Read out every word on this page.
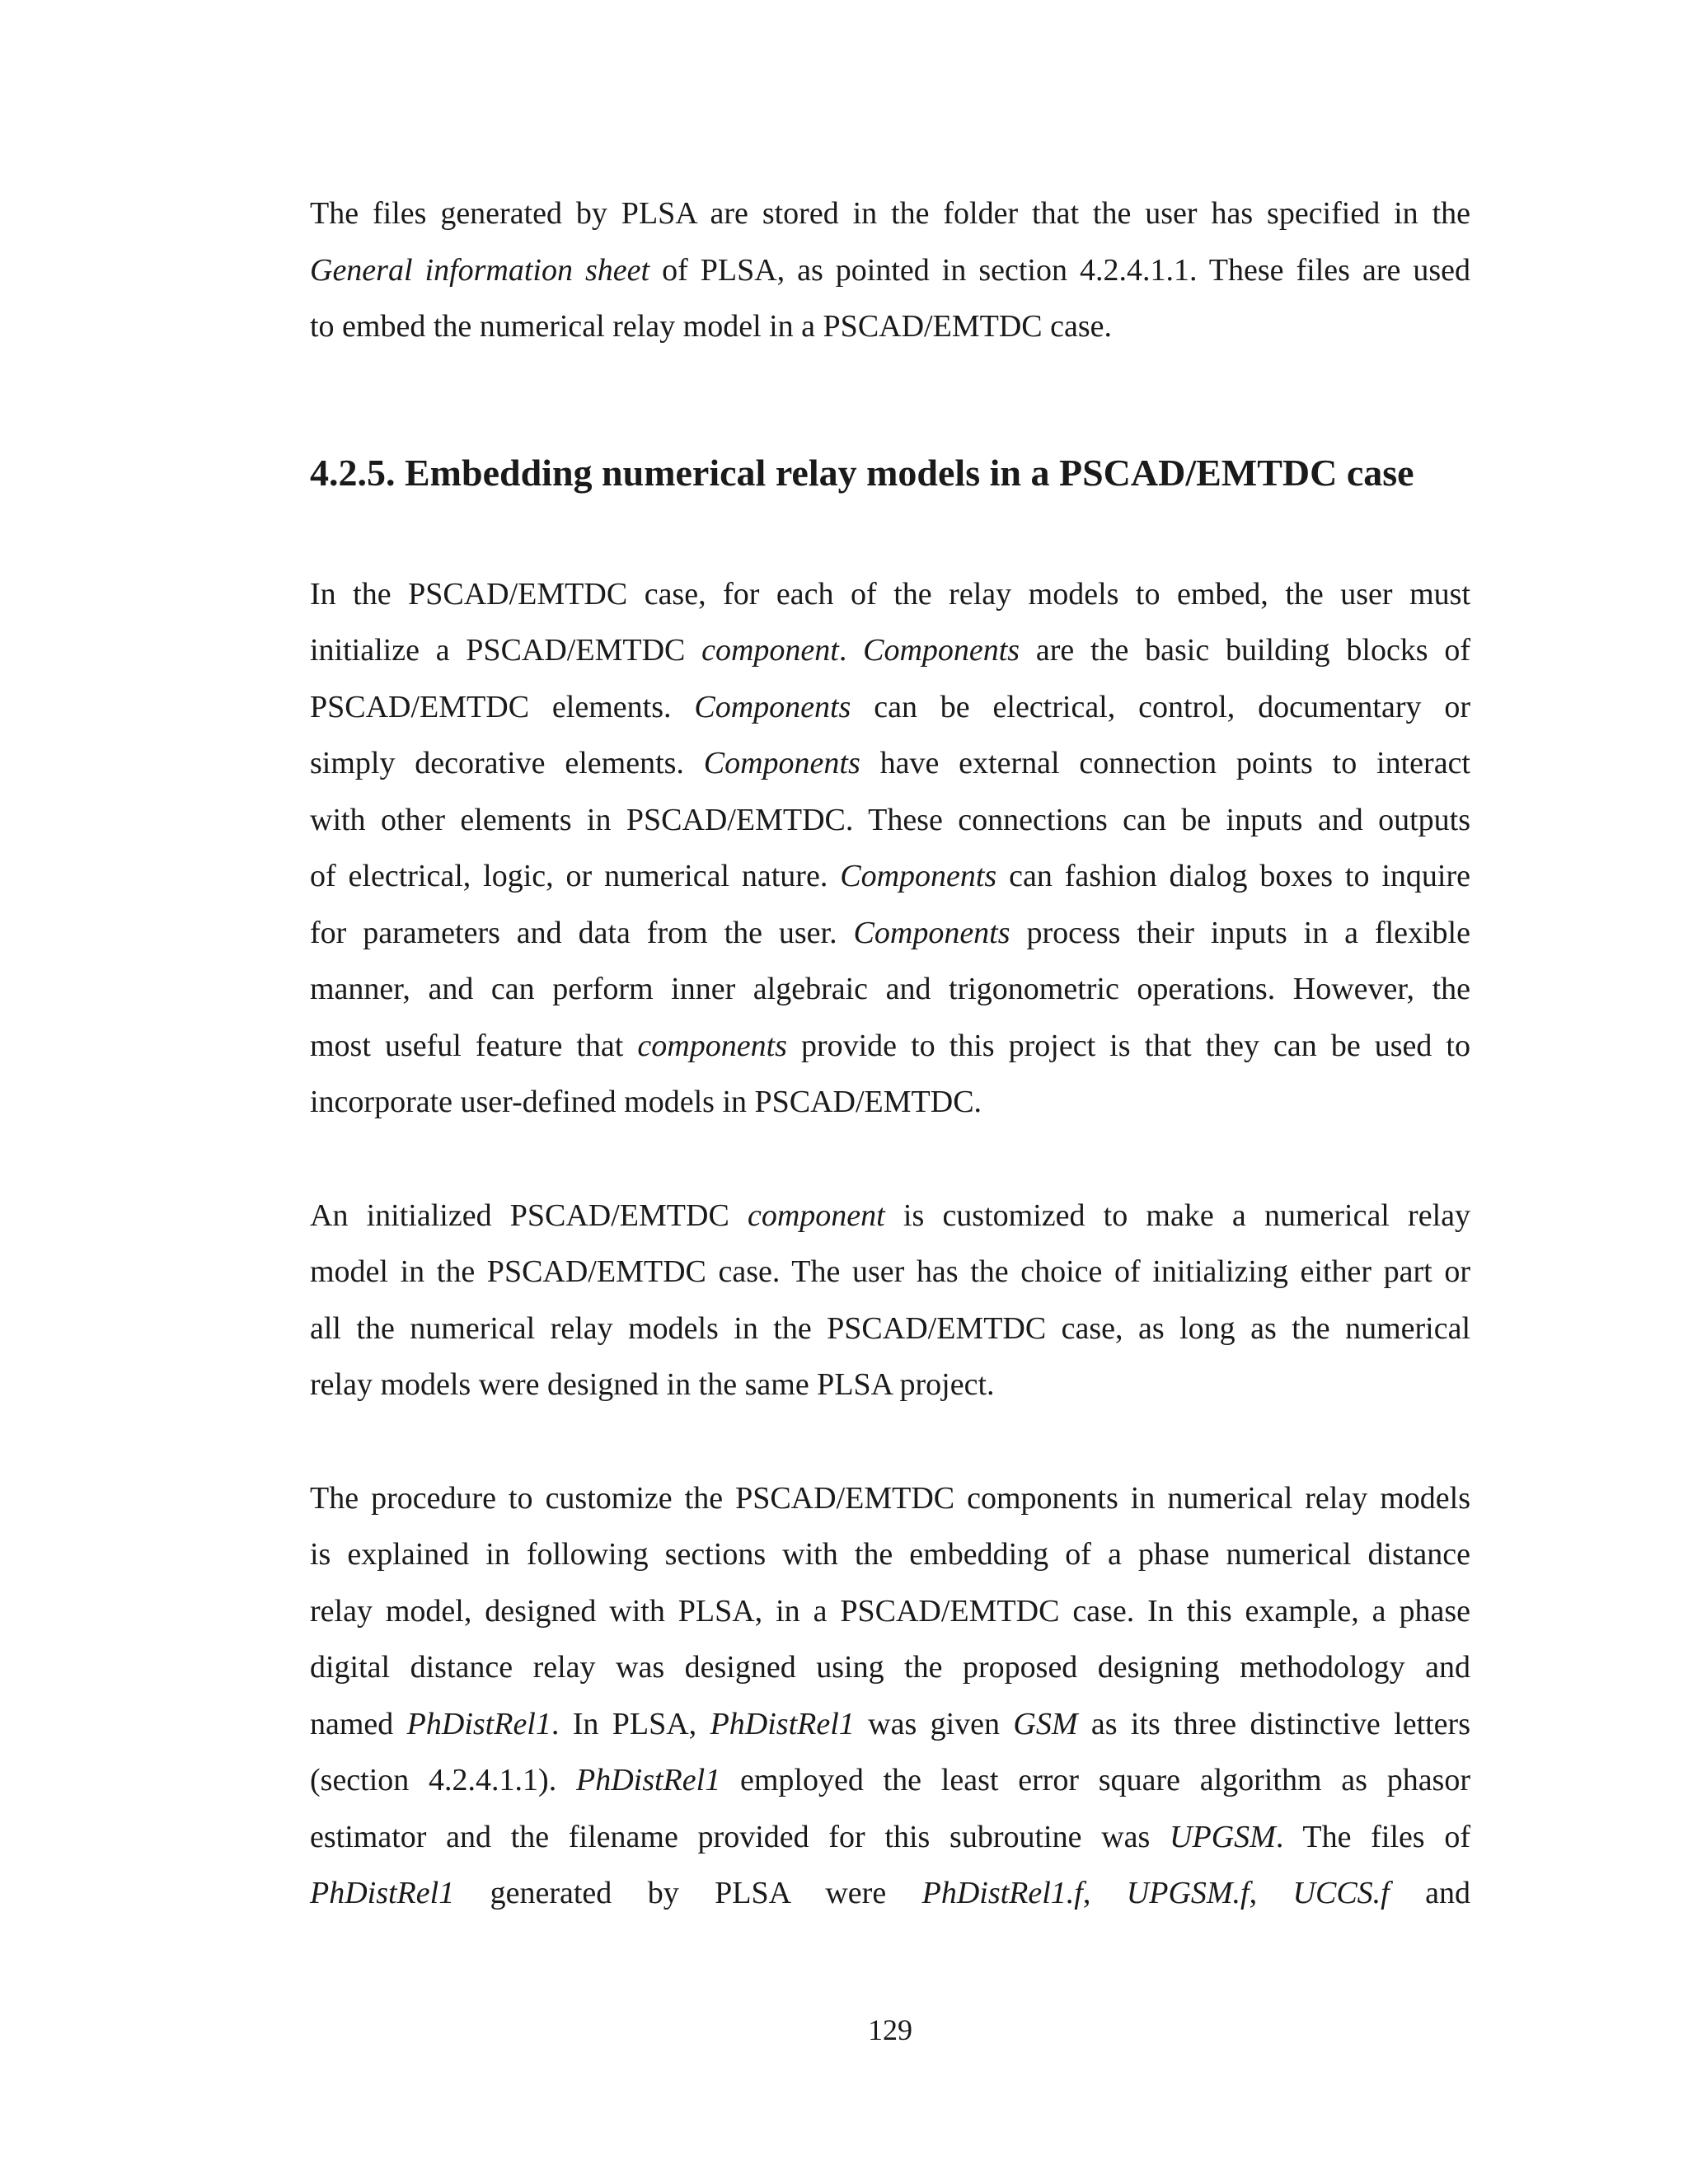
The files generated by PLSA are stored in the folder that the user has specified in the
General information sheet of PLSA, as pointed in section 4.2.4.1.1. These files are used
to embed the numerical relay model in a PSCAD/EMTDC case.
4.2.5. Embedding numerical relay models in a PSCAD/EMTDC case
In the PSCAD/EMTDC case, for each of the relay models to embed, the user must
initialize a PSCAD/EMTDC component. Components are the basic building blocks of
PSCAD/EMTDC elements. Components can be electrical, control, documentary or
simply decorative elements. Components have external connection points to interact
with other elements in PSCAD/EMTDC. These connections can be inputs and outputs
of electrical, logic, or numerical nature. Components can fashion dialog boxes to inquire
for parameters and data from the user. Components process their inputs in a flexible
manner, and can perform inner algebraic and trigonometric operations. However, the
most useful feature that components provide to this project is that they can be used to
incorporate user-defined models in PSCAD/EMTDC.
An initialized PSCAD/EMTDC component is customized to make a numerical relay
model in the PSCAD/EMTDC case. The user has the choice of initializing either part or
all the numerical relay models in the PSCAD/EMTDC case, as long as the numerical
relay models were designed in the same PLSA project.
The procedure to customize the PSCAD/EMTDC components in numerical relay models
is explained in following sections with the embedding of a phase numerical distance
relay model, designed with PLSA, in a PSCAD/EMTDC case. In this example, a phase
digital distance relay was designed using the proposed designing methodology and
named PhDistRel1. In PLSA, PhDistRel1 was given GSM as its three distinctive letters
(section 4.2.4.1.1). PhDistRel1 employed the least error square algorithm as phasor
estimator and the filename provided for this subroutine was UPGSM. The files of
PhDistRel1 generated by PLSA were PhDistRel1.f, UPGSM.f, UCCS.f and
129
